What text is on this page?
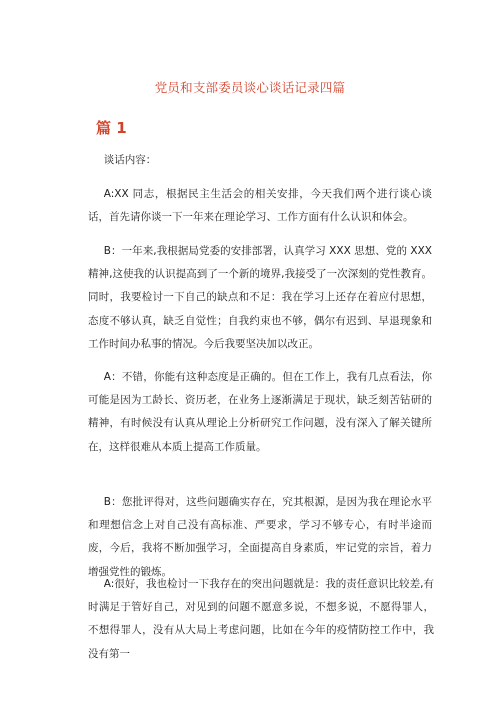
党员和支部委员谈心谈话记录四篇
篇 1

谈话内容：

A:XX 同志，根据民主生活会的相关安排，今天我们两个进行谈心谈话，首先请你谈一下一年来在理论学习、工作方面有什么认识和体会。

B：一年来,我根据局党委的安排部署，认真学习 XXX 思想、党的 XXX 精神,这使我的认识提高到了一个新的境界,我接受了一次深刻的党性教育。同时，我要检讨一下自己的缺点和不足：我在学习上还存在着应付思想，态度不够认真，缺乏自觉性；自我约束也不够，偶尔有迟到、早退现象和工作时间办私事的情况。今后我要坚决加以改正。

A：不错，你能有这种态度是正确的。但在工作上，我有几点看法，你可能是因为工龄长、资历老，在业务上逐渐满足于现状，缺乏刻苦钻研的精神，有时候没有认真从理论上分析研究工作问题，没有深入了解关键所在，这样很难从本质上提高工作质量。

B：您批评得对，这些问题确实存在，究其根源，是因为我在理论水平和理想信念上对自己没有高标准、严要求，学习不够专心，有时半途而废，今后，我将不断加强学习，全面提高自身素质，牢记党的宗旨，着力增强党性的锻炼。

A:很好，我也检讨一下我存在的突出问题就是：我的责任意识比较差,有时满足于管好自己，对见到的问题不愿意多说，不想多说，不愿得罪人，不想得罪人，没有从大局上考虑问题，比如在今年的疫情防控工作中，我没有第一
